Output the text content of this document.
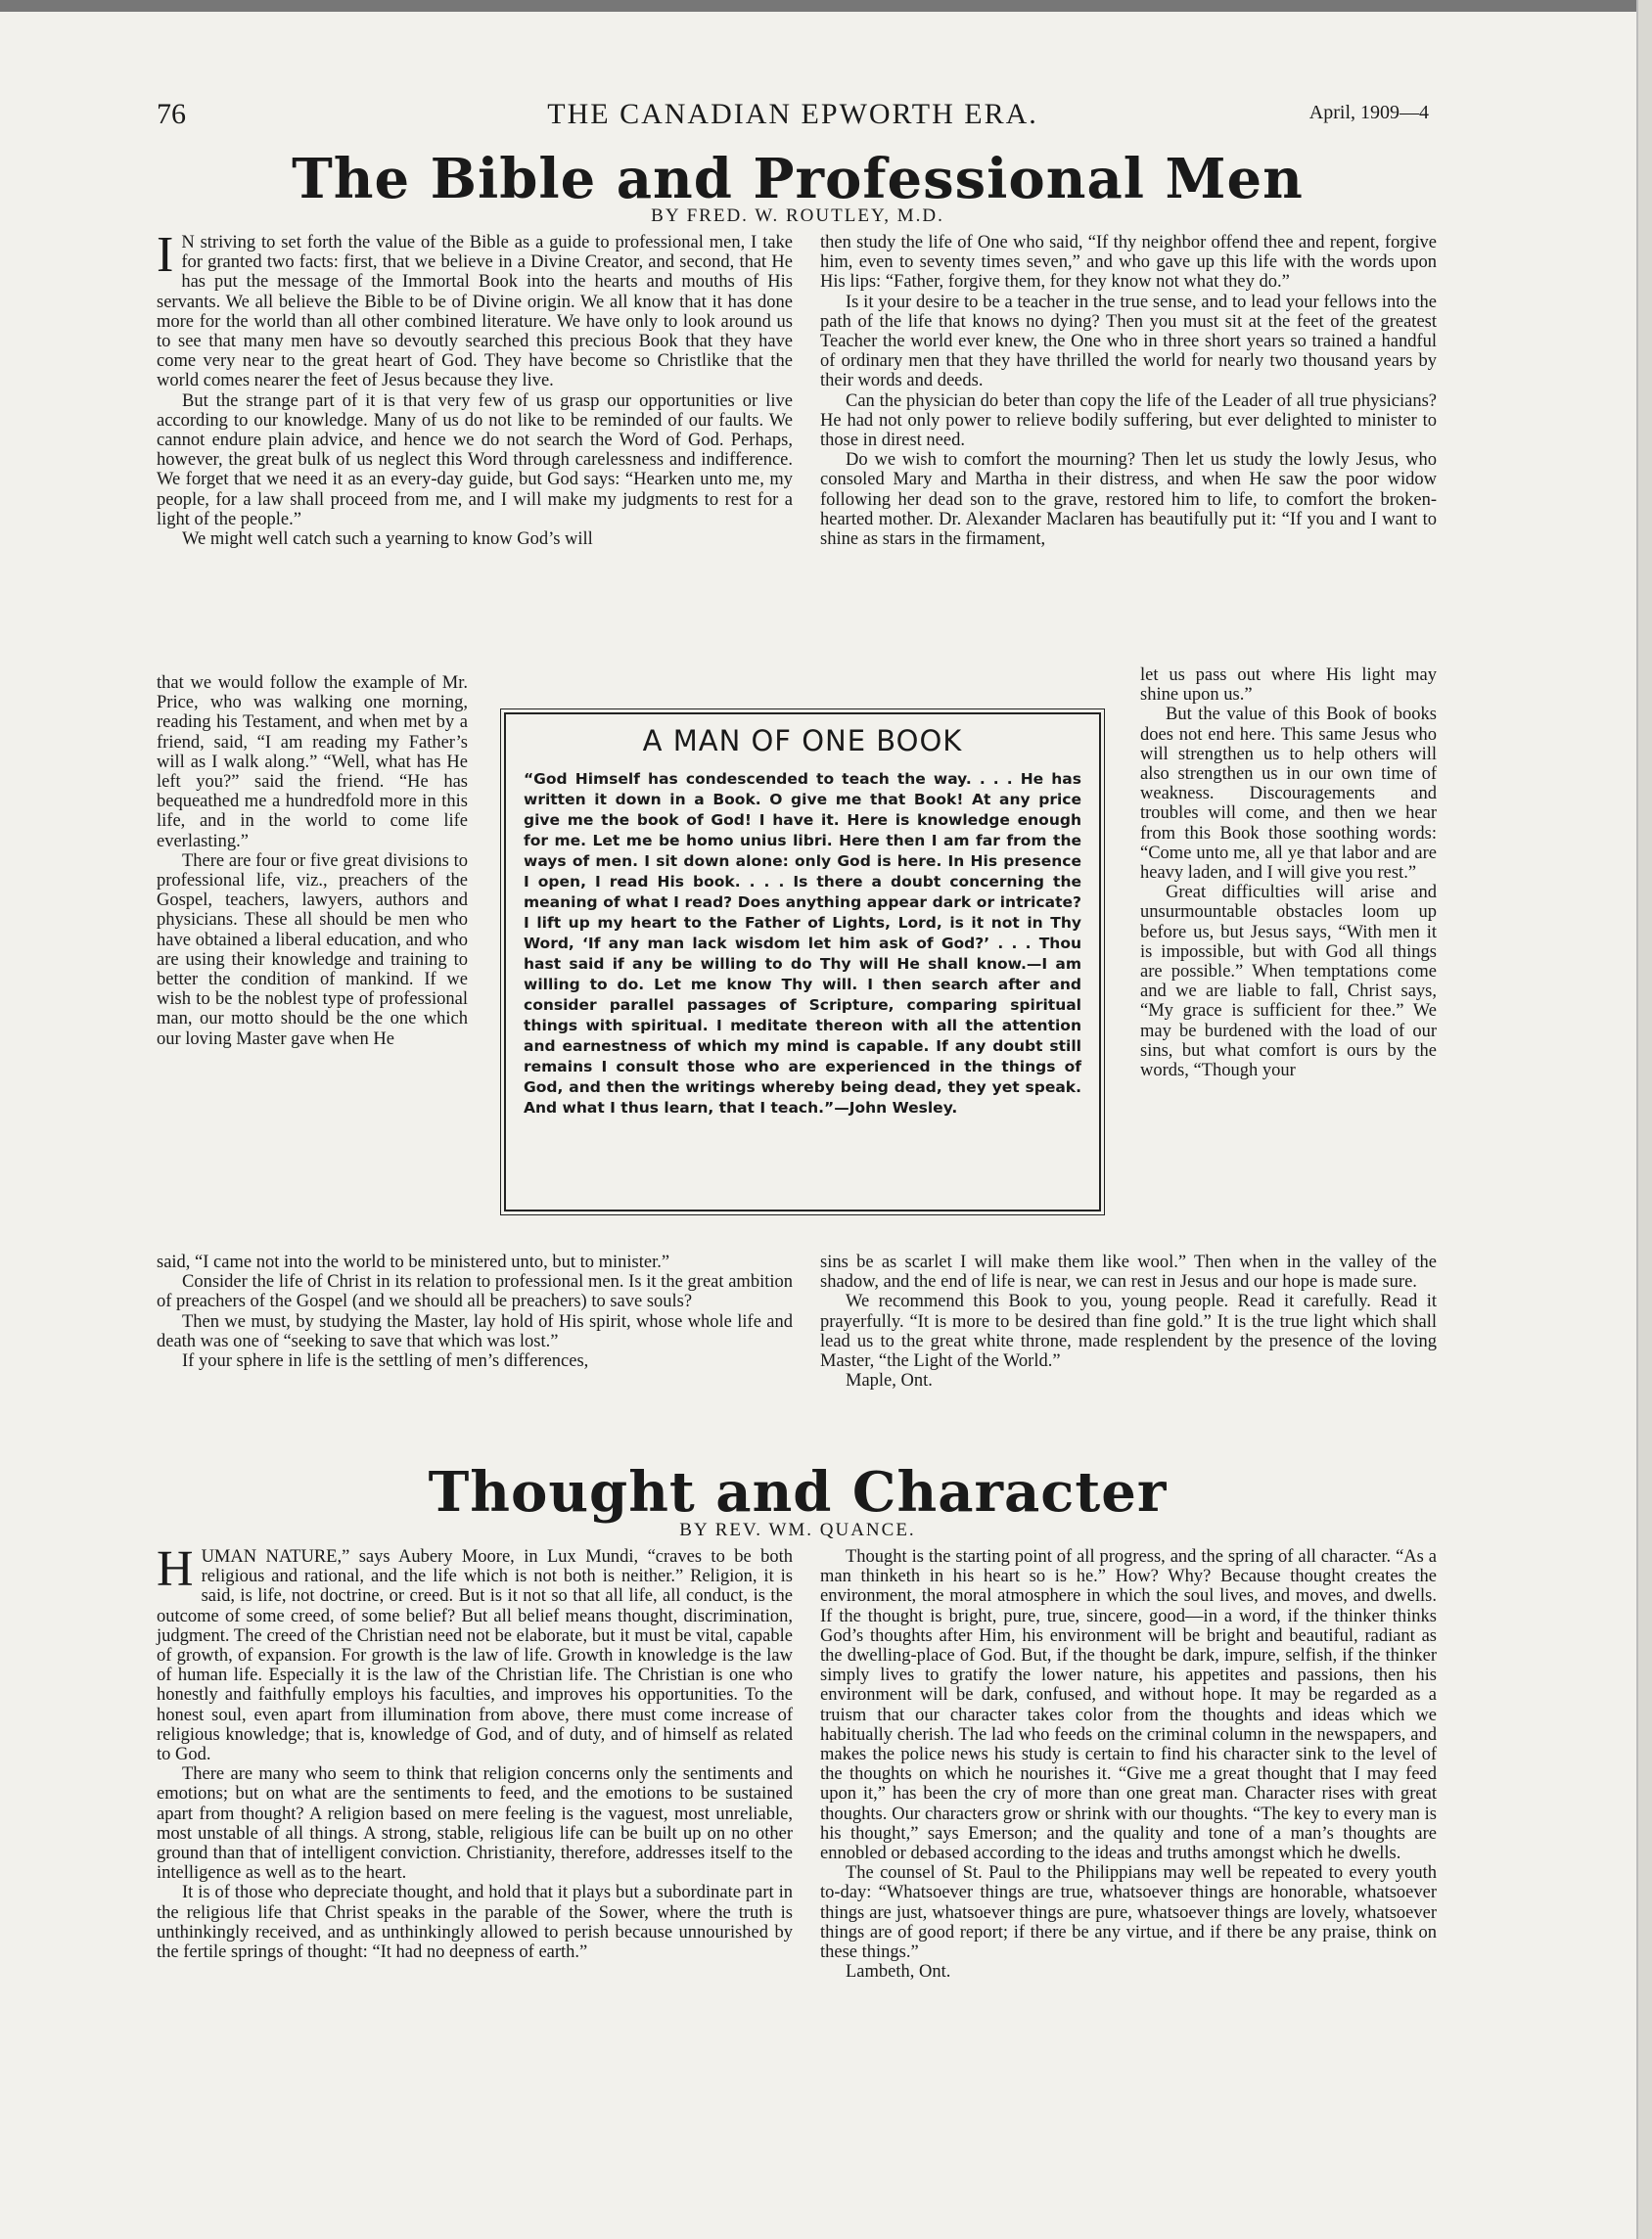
76	THE CANADIAN EPWORTH ERA.	April, 1909—4
The Bible and Professional Men
BY FRED. W. ROUTLEY, M.D.

I N striving to set forth the value of the Bible as a guide to professional men, I take for granted two facts: first, that we believe in a Divine Creator, and second, that He has put the message of the Immortal Book into the hearts and mouths of His servants. We all believe the Bible to be of Divine origin. We all know that it has done more for the world than all other combined literature. We have only to look around us to see that many men have so devoutly searched this precious Book that they have come very near to the great heart of God. They have become so Christlike that the world comes nearer the feet of Jesus because they live.

But the strange part of it is that very few of us grasp our opportunities or live according to our knowledge. Many of us do not like to be reminded of our faults. We cannot endure plain advice, and hence we do not search the Word of God. Perhaps, however, the great bulk of us neglect this Word through carelessness and indifference. We forget that we need it as an every-day guide, but God says: “Hearken unto me, my people, for a law shall proceed from me, and I will make my judgments to rest for a light of the people.”

We might well catch such a yearning to know God’s will

that we would follow the example of Mr. Price, who was walking one morning, reading his Testament, and when met by a friend, said, “I am reading my Father’s will as I walk along.” “Well, what has He left you?” said the friend. “He has bequeathed me a hundredfold more in this life, and in the world to come life everlasting.”

There are four or five great divisions to professional life, viz., preachers of the Gospel, teachers, lawyers, authors and physicians. These all should be men who have obtained a liberal education, and who are using their knowledge and training to better the condition of mankind. If we wish to be the noblest type of professional man, our motto should be the one which our loving Master gave when He

said, “I came not into the world to be ministered unto, but to minister.”

Consider the life of Christ in its relation to professional men. Is it the great ambition of preachers of the Gospel (and we should all be preachers) to save souls?

Then we must, by studying the Master, lay hold of His spirit, whose whole life and death was one of “seeking to save that which was lost.”

If your sphere in life is the settling of men’s differences,

then study the life of One who said, “If thy neighbor offend thee and repent, forgive him, even to seventy times seven,” and who gave up this life with the words upon His lips: “Father, forgive them, for they know not what they do.”

Is it your desire to be a teacher in the true sense, and to lead your fellows into the path of the life that knows no dying? Then you must sit at the feet of the greatest Teacher the world ever knew, the One who in three short years so trained a handful of ordinary men that they have thrilled the world for nearly two thousand years by their words and deeds.

Can the physician do beter than copy the life of the Leader of all true physicians? He had not only power to relieve bodily suffering, but ever delighted to minister to those in direst need.

Do we wish to comfort the mourning? Then let us study the lowly Jesus, who consoled Mary and Martha in their distress, and when He saw the poor widow following her dead son to the grave, restored him to life, to comfort the broken-hearted mother. Dr. Alexander Maclaren has beautifully put it: “If you and I want to shine as stars in the firmament,

let us pass out where His light may shine upon us.”

But the value of this Book of books does not end here. This same Jesus who will strengthen us to help others will also strengthen us in our own time of weakness. Discouragements and troubles will come, and then we hear from this Book those soothing words: “Come unto me, all ye that labor and are heavy laden, and I will give you rest.”

Great difficulties will arise and unsurmountable obstacles loom up before us, but Jesus says, “With men it is impossible, but with God all things are possible.” When temptations come and we are liable to fall, Christ says, “My grace is sufficient for thee.” We may be burdened with the load of our sins, but what comfort is ours by the words, “Though your

sins be as scarlet I will make them like wool.” Then when in the valley of the shadow, and the end of life is near, we can rest in Jesus and our hope is made sure.

We recommend this Book to you, young people. Read it carefully. Read it prayerfully. “It is more to be desired than fine gold.” It is the true light which shall lead us to the great white throne, made resplendent by the presence of the loving Master, “the Light of the World.”

Maple, Ont.

A MAN OF ONE BOOK
“God Himself has condescended to teach the way. . . . He has written it down in a Book. O give me that Book! At any price give me the book of God! I have it. Here is knowledge enough for me. Let me be homo unius libri. Here then I am far from the ways of men. I sit down alone: only God is here. In His presence I open, I read His book. . . . Is there a doubt concerning the meaning of what I read? Does anything appear dark or intricate? I lift up my heart to the Father of Lights, Lord, is it not in Thy Word, ‘If any man lack wisdom let him ask of God?’ . . . Thou hast said if any be willing to do Thy will He shall know.—I am willing to do. Let me know Thy will. I then search after and consider parallel passages of Scripture, comparing spiritual things with spiritual. I meditate thereon with all the attention and earnestness of which my mind is capable. If any doubt still remains I consult those who are experienced in the things of God, and then the writings whereby being dead, they yet speak. And what I thus learn, that I teach.”—John Wesley.
Thought and Character
BY REV. WM. QUANCE.

HUMAN NATURE,” says Aubery Moore, in Lux Mundi, “craves to be both religious and rational, and the life which is not both is neither.” Religion, it is said, is life, not doctrine, or creed. But is it not so that all life, all conduct, is the outcome of some creed, of some belief? But all belief means thought, discrimination, judgment. The creed of the Christian need not be elaborate, but it must be vital, capable of growth, of expansion. For growth is the law of life. Growth in knowledge is the law of human life. Especially it is the law of the Christian life. The Christian is one who honestly and faithfully employs his faculties, and improves his opportunities. To the honest soul, even apart from illumination from above, there must come increase of religious knowledge; that is, knowledge of God, and of duty, and of himself as related to God.

There are many who seem to think that religion concerns only the sentiments and emotions; but on what are the sentiments to feed, and the emotions to be sustained apart from thought? A religion based on mere feeling is the vaguest, most unreliable, most unstable of all things. A strong, stable, religious life can be built up on no other ground than that of intelligent conviction. Christianity, therefore, addresses itself to the intelligence as well as to the heart.

It is of those who depreciate thought, and hold that it plays but a subordinate part in the religious life that Christ speaks in the parable of the Sower, where the truth is unthinkingly received, and as unthinkingly allowed to perish because unnourished by the fertile springs of thought: “It had no deepness of earth.”

Thought is the starting point of all progress, and the spring of all character. “As a man thinketh in his heart so is he.” How? Why? Because thought creates the environment, the moral atmosphere in which the soul lives, and moves, and dwells. If the thought is bright, pure, true, sincere, good—in a word, if the thinker thinks God’s thoughts after Him, his environment will be bright and beautiful, radiant as the dwelling-place of God. But, if the thought be dark, impure, selfish, if the thinker simply lives to gratify the lower nature, his appetites and passions, then his environment will be dark, confused, and without hope. It may be regarded as a truism that our character takes color from the thoughts and ideas which we habitually cherish. The lad who feeds on the criminal column in the newspapers, and makes the police news his study is certain to find his character sink to the level of the thoughts on which he nourishes it. “Give me a great thought that I may feed upon it,” has been the cry of more than one great man. Character rises with great thoughts. Our characters grow or shrink with our thoughts. “The key to every man is his thought,” says Emerson; and the quality and tone of a man’s thoughts are ennobled or debased according to the ideas and truths amongst which he dwells.

The counsel of St. Paul to the Philippians may well be repeated to every youth to-day: “Whatsoever things are true, whatsoever things are honorable, whatsoever things are just, whatsoever things are pure, whatsoever things are lovely, whatsoever things are of good report; if there be any virtue, and if there be any praise, think on these things.”

Lambeth, Ont.
